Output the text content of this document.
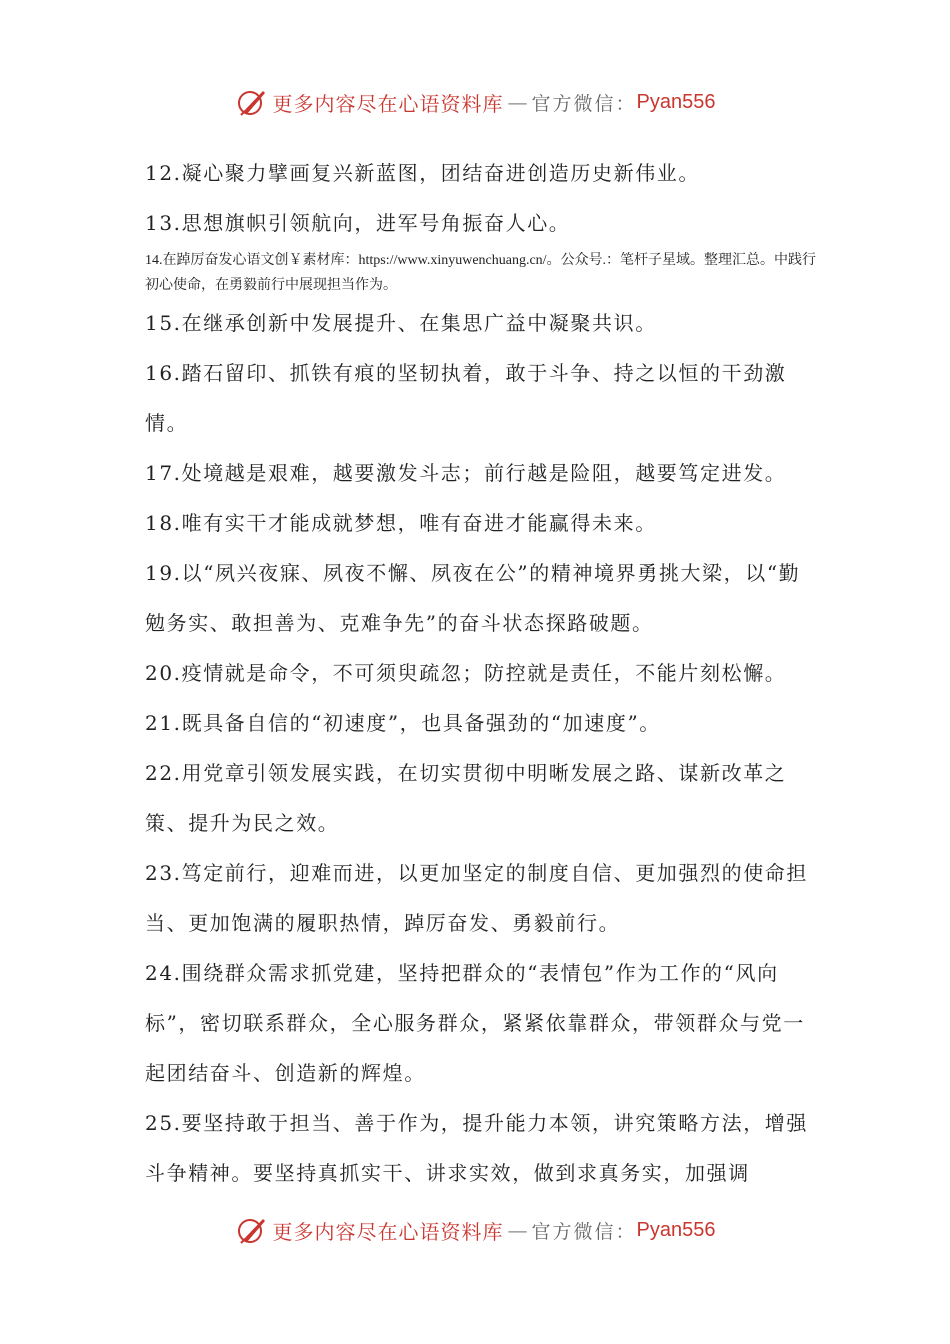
更多内容尽在心语资料库 — 官方微信： Pyan556

12.凝心聚力擘画复兴新蓝图，团结奋进创造历史新伟业。

13.思想旗帜引领航向，进军号角振奋人心。

14.在踔厉奋发心语文创￥素材库：https://www.xinyuwenchuang.cn/。公众号.：笔杆子星域。整理汇总。中践行初心使命，在勇毅前行中展现担当作为。

15.在继承创新中发展提升、在集思广益中凝聚共识。

16.踏石留印、抓铁有痕的坚韧执着，敢于斗争、持之以恒的干劲激情。

17.处境越是艰难，越要激发斗志；前行越是险阻，越要笃定进发。

18.唯有实干才能成就梦想，唯有奋进才能赢得未来。

19.以“夙兴夜寐、夙夜不懈、夙夜在公”的精神境界勇挑大梁，以“勤勉务实、敢担善为、克难争先”的奋斗状态探路破题。

20.疫情就是命令，不可须臾疏忽；防控就是责任，不能片刻松懈。

21.既具备自信的“初速度”，也具备强劲的“加速度”。

22.用党章引领发展实践，在切实贯彻中明晰发展之路、谋新改革之策、提升为民之效。

23.笃定前行，迎难而进，以更加坚定的制度自信、更加强烈的使命担当、更加饱满的履职热情，踔厉奋发、勇毅前行。

24.围绕群众需求抓党建，坚持把群众的“表情包”作为工作的“风向标”，密切联系群众，全心服务群众，紧紧依靠群众，带领群众与党一起团结奋斗、创造新的辉煌。

25.要坚持敢于担当、善于作为，提升能力本领，讲究策略方法，增强斗争精神。要坚持真抓实干、讲求实效，做到求真务实，加强调

更多内容尽在心语资料库 — 官方微信： Pyan556
